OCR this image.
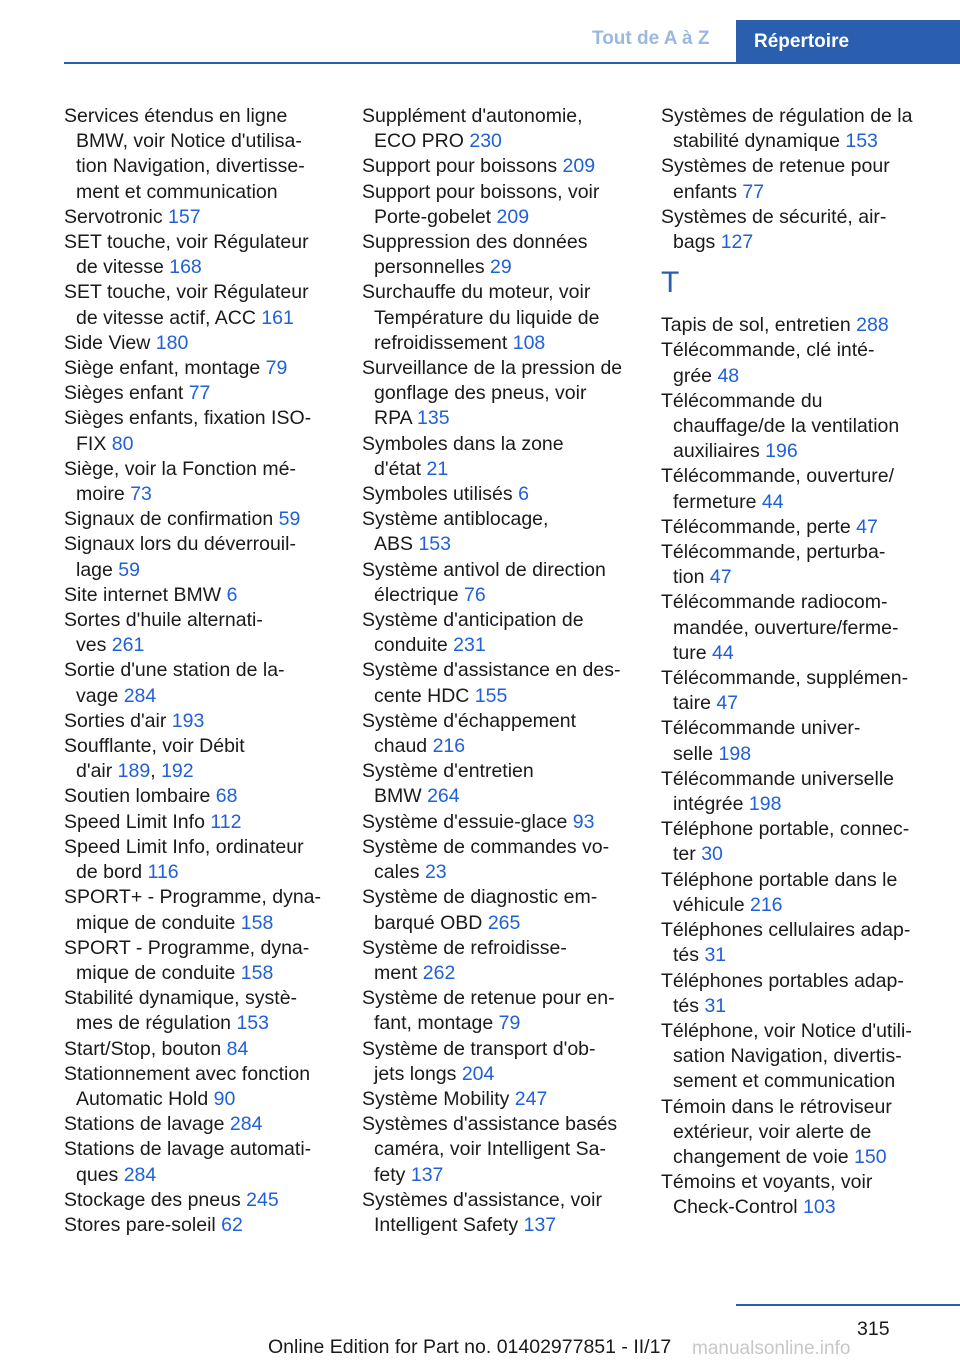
Tout de A à Z	Répertoire
Services étendus en ligne
BMW, voir Notice d'utilisa-
tion Navigation, divertisse-
ment et communication
Servotronic 157
SET touche, voir Régulateur
de vitesse 168
SET touche, voir Régulateur
de vitesse actif, ACC 161
Side View 180
Siège enfant, montage 79
Sièges enfant 77
Sièges enfants, fixation ISO-
FIX 80
Siège, voir la Fonction mé-
moire 73
Signaux de confirmation 59
Signaux lors du déverrouil-
lage 59
Site internet BMW 6
Sortes d'huile alternati-
ves 261
Sortie d'une station de la-
vage 284
Sorties d'air 193
Soufflante, voir Débit
d'air 189, 192
Soutien lombaire 68
Speed Limit Info 112
Speed Limit Info, ordinateur
de bord 116
SPORT+ - Programme, dyna-
mique de conduite 158
SPORT - Programme, dyna-
mique de conduite 158
Stabilité dynamique, systè-
mes de régulation 153
Start/Stop, bouton 84
Stationnement avec fonction
Automatic Hold 90
Stations de lavage 284
Stations de lavage automati-
ques 284
Stockage des pneus 245
Stores pare-soleil 62
Supplément d'autonomie,
ECO PRO 230
Support pour boissons 209
Support pour boissons, voir
Porte-gobelet 209
Suppression des données
personnelles 29
Surchauffe du moteur, voir
Température du liquide de
refroidissement 108
Surveillance de la pression de
gonflage des pneus, voir
RPA 135
Symboles dans la zone
d'état 21
Symboles utilisés 6
Système antiblocage,
ABS 153
Système antivol de direction
électrique 76
Système d'anticipation de
conduite 231
Système d'assistance en des-
cente HDC 155
Système d'échappement
chaud 216
Système d'entretien
BMW 264
Système d'essuie-glace 93
Système de commandes vo-
cales 23
Système de diagnostic em-
barqué OBD 265
Système de refroidisse-
ment 262
Système de retenue pour en-
fant, montage 79
Système de transport d'ob-
jets longs 204
Système Mobility 247
Systèmes d'assistance basés
caméra, voir Intelligent Sa-
fety 137
Systèmes d'assistance, voir
Intelligent Safety 137
Systèmes de régulation de la
stabilité dynamique 153
Systèmes de retenue pour
enfants 77
Systèmes de sécurité, air-
bags 127
T
Tapis de sol, entretien 288
Télécommande, clé inté-
grée 48
Télécommande du
chauffage/de la ventilation
auxiliaires 196
Télécommande, ouverture/
fermeture 44
Télécommande, perte 47
Télécommande, perturba-
tion 47
Télécommande radiocom-
mandée, ouverture/ferme-
ture 44
Télécommande, supplémen-
taire 47
Télécommande univer-
selle 198
Télécommande universelle
intégrée 198
Téléphone portable, connec-
ter 30
Téléphone portable dans le
véhicule 216
Téléphones cellulaires adap-
tés 31
Téléphones portables adap-
tés 31
Téléphone, voir Notice d'utili-
sation Navigation, divertis-
sement et communication
Témoin dans le rétroviseur
extérieur, voir alerte de
changement de voie 150
Témoins et voyants, voir
Check-Control 103
315
Online Edition for Part no. 01402977851 - II/17 manualsonline.info
